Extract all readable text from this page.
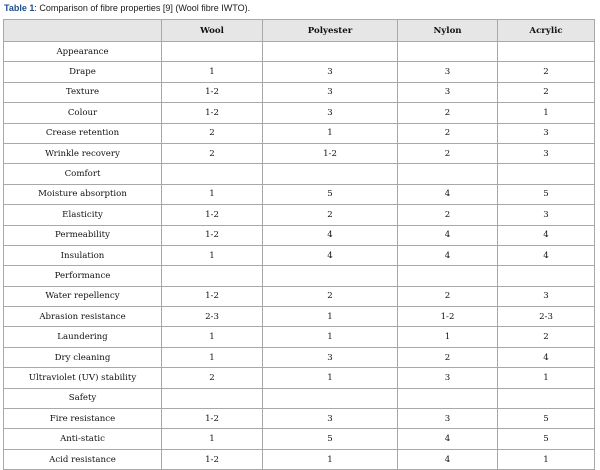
Table 1: Comparison of fibre properties [9] (Wool fibre IWTO).
	Wool	Polyester	Nylon	Acrylic
Appearance				
Drape	1	3	3	2
Texture	1-2	3	3	2
Colour	1-2	3	2	1
Crease retention	2	1	2	3
Wrinkle recovery	2	1-2	2	3
Comfort				
Moisture absorption	1	5	4	5
Elasticity	1-2	2	2	3
Permeability	1-2	4	4	4
Insulation	1	4	4	4
Performance				
Water repellency	1-2	2	2	3
Abrasion resistance	2-3	1	1-2	2-3
Laundering	1	1	1	2
Dry cleaning	1	3	2	4
Ultraviolet (UV) stability	2	1	3	1
Safety				
Fire resistance	1-2	3	3	5
Anti-static	1	5	4	5
Acid resistance	1-2	1	4	1
